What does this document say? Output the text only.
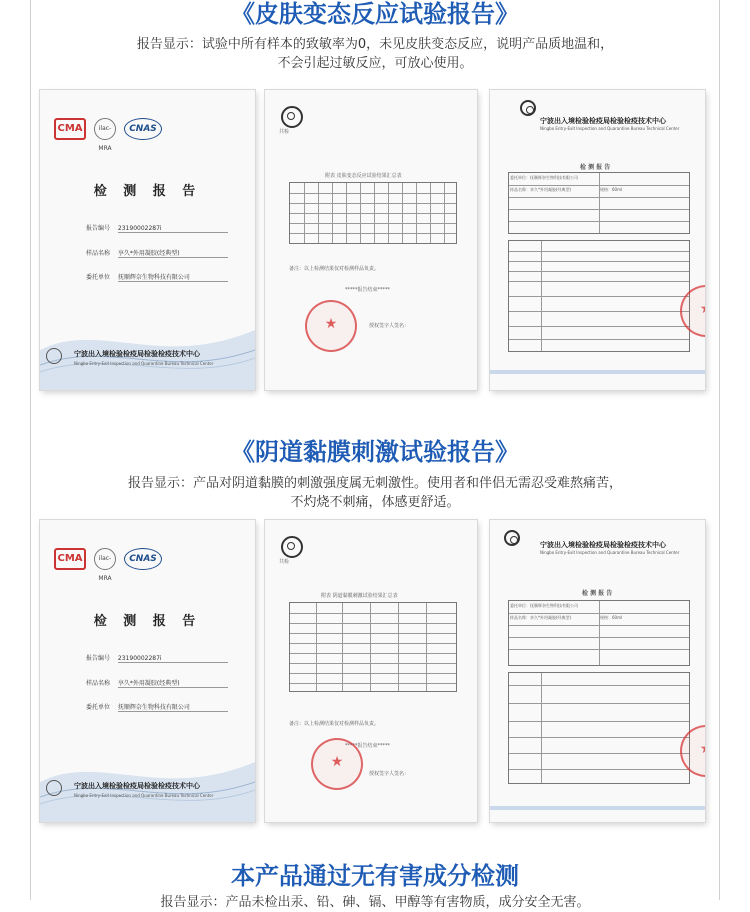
《皮肤变态反应试验报告》
报告显示：试验中所有样本的致敏率为0，未见皮肤变态反应，说明产品质地温和，
不会引起过敏反应，可放心使用。
CMA	ilac-MRA
CNAS
检 测 报 告
报告编号 23190002287i
样品名称 享久*外用凝胶(经典型)
委托单位 抚顺辉奈生物科技有限公司
宁波出入境检验检疫局检验检疫技术中心
Ningbo Entry-Exit Inspection and Quarantine Bureau Technical Center
共检
附表 皮肤变态反应试验结果汇总表
备注：以上检测结果仅对检测样品负责。
*****报告结束*****
★
授权签字人签名：
宁波出入境检验检疫局检验检疫技术中心
Ningbo Entry-Exit Inspection and Quarantine Bureau Technical Center
检 测 报 告
委托单位：抚顺辉奈生物科技有限公司
样品名称：享久*外用凝胶(经典型)	规格：60ml
★
《阴道黏膜刺激试验报告》
报告显示：产品对阴道黏膜的刺激强度属无刺激性。使用者和伴侣无需忍受难熬痛苦，
不灼烧不刺痛，体感更舒适。
CMA	ilac-MRA
CNAS
检 测 报 告
报告编号 23190002287i
样品名称 享久*外用凝胶(经典型)
委托单位 抚顺辉奈生物科技有限公司
宁波出入境检验检疫局检验检疫技术中心
Ningbo Entry-Exit Inspection and Quarantine Bureau Technical Center
共检
附表 阴道黏膜刺激试验结果汇总表
备注：以上检测结果仅对检测样品负责。
*****报告结束*****
★
授权签字人签名：
宁波出入境检验检疫局检验检疫技术中心
Ningbo Entry-Exit Inspection and Quarantine Bureau Technical Center
检 测 报 告
委托单位：抚顺辉奈生物科技有限公司
样品名称：享久*外用凝胶(经典型)	规格：60ml
★
本产品通过无有害成分检测
报告显示：产品未检出汞、铅、砷、镉、甲醇等有害物质，成分安全无害。
